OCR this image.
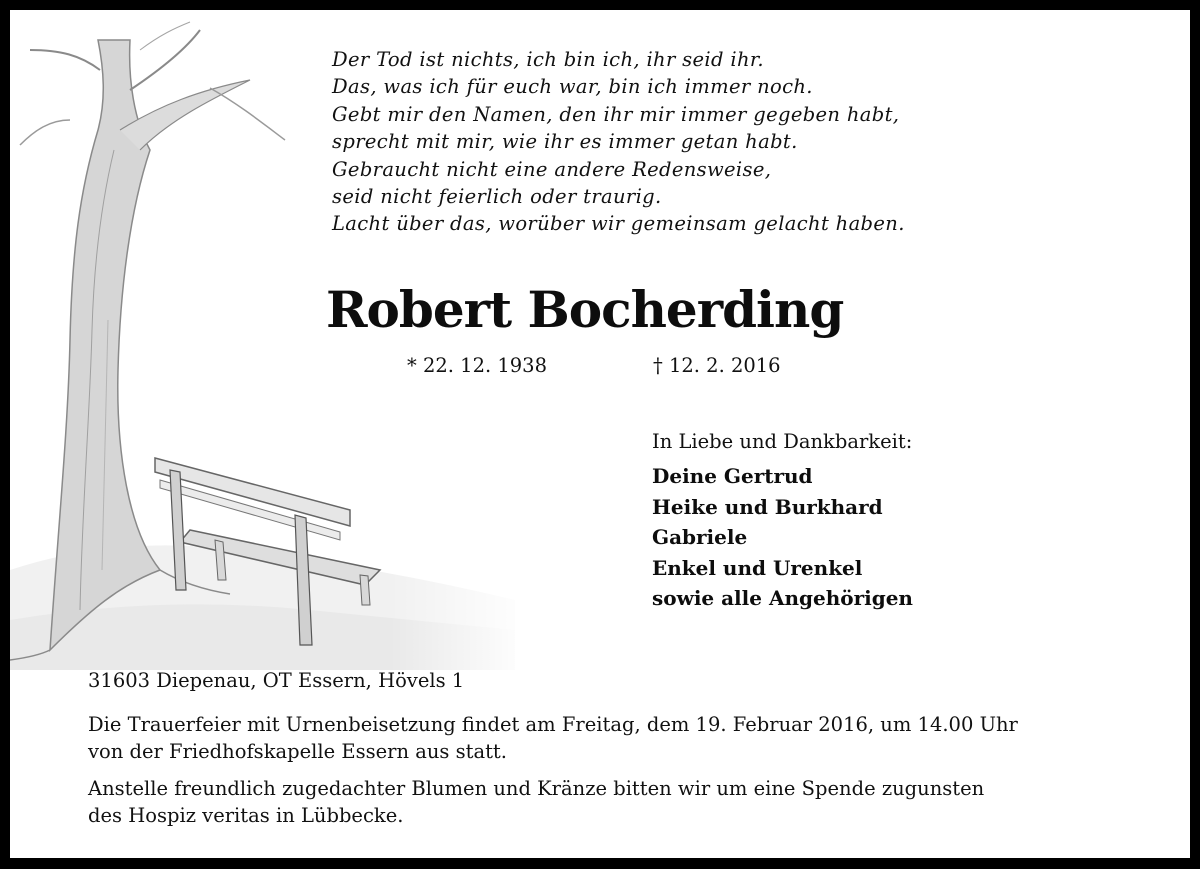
Der Tod ist nichts, ich bin ich, ihr seid ihr.
Das, was ich für euch war, bin ich immer noch.
Gebt mir den Namen, den ihr mir immer gegeben habt,
sprecht mit mir, wie ihr es immer getan habt.
Gebraucht nicht eine andere Redensweise,
seid nicht feierlich oder traurig.
Lacht über das, worüber wir gemeinsam gelacht haben.
Robert Bocherding
* 22. 12. 1938	† 12. 2. 2016
In Liebe und Dankbarkeit:
Deine Gertrud
Heike und Burkhard
Gabriele
Enkel und Urenkel
sowie alle Angehörigen
31603 Diepenau, OT Essern, Hövels 1
Die Trauerfeier mit Urnenbeisetzung findet am Freitag, dem 19. Februar 2016, um 14.00 Uhr
von der Friedhofskapelle Essern aus statt.
Anstelle freundlich zugedachter Blumen und Kränze bitten wir um eine Spende zugunsten
des Hospiz veritas in Lübbecke.
